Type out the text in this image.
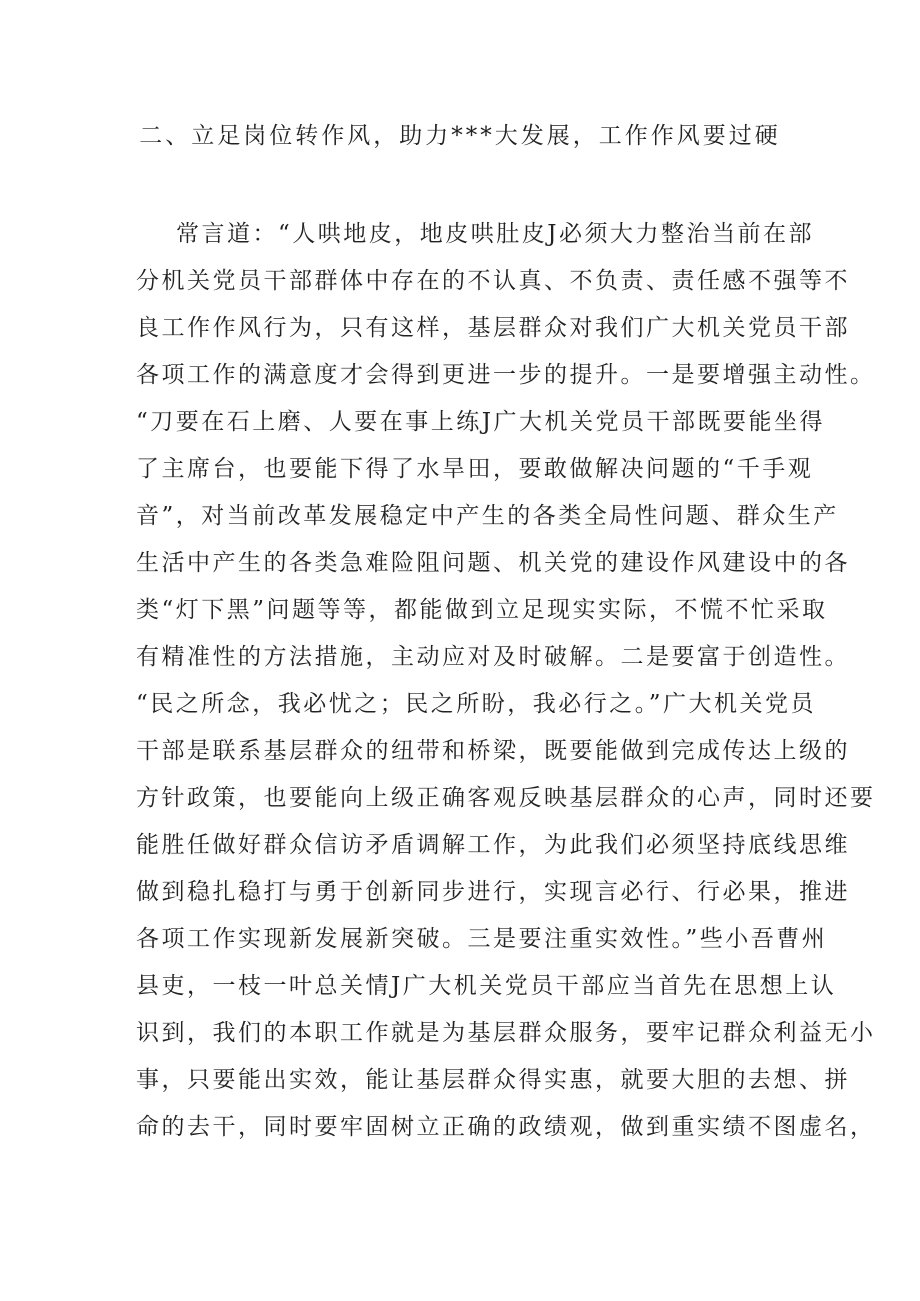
二、立足岗位转作风，助力***大发展，工作作风要过硬
常言道：“人哄地皮，地皮哄肚皮J必须大力整治当前在部
分机关党员干部群体中存在的不认真、不负责、责任感不强等不
良工作作风行为，只有这样，基层群众对我们广大机关党员干部
各项工作的满意度才会得到更进一步的提升。一是要增强主动性。
“刀要在石上磨、人要在事上练J广大机关党员干部既要能坐得
了主席台，也要能下得了水旱田，要敢做解决问题的“千手观
音”，对当前改革发展稳定中产生的各类全局性问题、群众生产
生活中产生的各类急难险阻问题、机关党的建设作风建设中的各
类“灯下黑”问题等等，都能做到立足现实实际，不慌不忙采取
有精准性的方法措施，主动应对及时破解。二是要富于创造性。
“民之所念，我必忧之；民之所盼，我必行之。”广大机关党员
干部是联系基层群众的纽带和桥梁，既要能做到完成传达上级的
方针政策，也要能向上级正确客观反映基层群众的心声，同时还要
能胜任做好群众信访矛盾调解工作，为此我们必须坚持底线思维
做到稳扎稳打与勇于创新同步进行，实现言必行、行必果，推进
各项工作实现新发展新突破。三是要注重实效性。”些小吾曹州
县吏，一枝一叶总关情J广大机关党员干部应当首先在思想上认
识到，我们的本职工作就是为基层群众服务，要牢记群众利益无小
事，只要能出实效，能让基层群众得实惠，就要大胆的去想、拼
命的去干，同时要牢固树立正确的政绩观，做到重实绩不图虚名，
